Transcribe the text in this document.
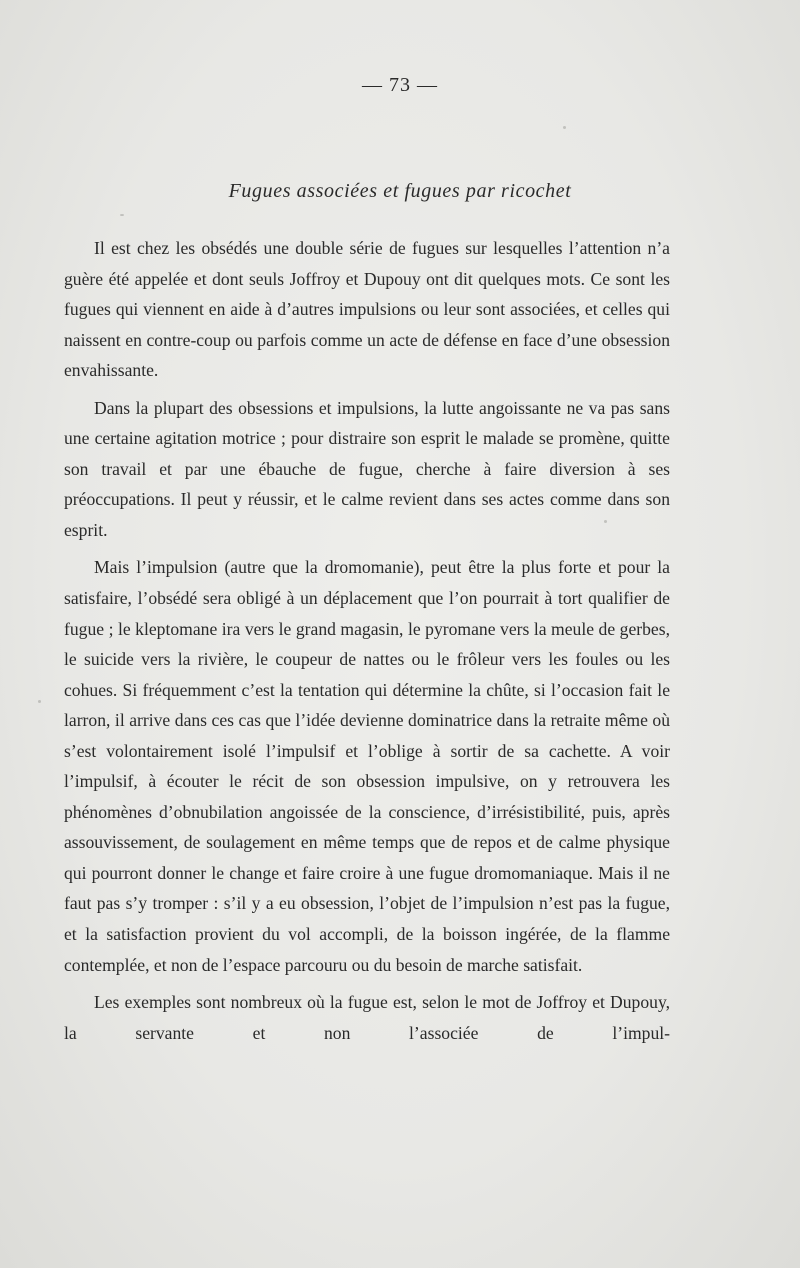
— 73 —
Fugues associées et fugues par ricochet

Il est chez les obsédés une double série de fugues sur lesquelles l’attention n’a guère été appelée et dont seuls Joffroy et Dupouy ont dit quelques mots. Ce sont les fugues qui viennent en aide à d’autres impulsions ou leur sont associées, et celles qui naissent en contre-coup ou parfois comme un acte de défense en face d’une obsession envahissante.

Dans la plupart des obsessions et impulsions, la lutte angoissante ne va pas sans une certaine agitation motrice ; pour distraire son esprit le malade se promène, quitte son travail et par une ébauche de fugue, cherche à faire diversion à ses préoccupations. Il peut y réussir, et le calme revient dans ses actes comme dans son esprit.

Mais l’impulsion (autre que la dromomanie), peut être la plus forte et pour la satisfaire, l’obsédé sera obligé à un déplacement que l’on pourrait à tort qualifier de fugue ; le kleptomane ira vers le grand magasin, le pyromane vers la meule de gerbes, le suicide vers la rivière, le coupeur de nattes ou le frôleur vers les foules ou les cohues. Si fréquemment c’est la tentation qui détermine la chûte, si l’occasion fait le larron, il arrive dans ces cas que l’idée devienne dominatrice dans la retraite même où s’est volontairement isolé l’impulsif et l’oblige à sortir de sa cachette. A voir l’impulsif, à écouter le récit de son obsession impulsive, on y retrouvera les phénomènes d’obnubilation angoissée de la conscience, d’irrésistibilité, puis, après assouvissement, de soulagement en même temps que de repos et de calme physique qui pourront donner le change et faire croire à une fugue dromomaniaque. Mais il ne faut pas s’y tromper : s’il y a eu obsession, l’objet de l’impulsion n’est pas la fugue, et la satisfaction provient du vol accompli, de la boisson ingérée, de la flamme contemplée, et non de l’espace parcouru ou du besoin de marche satisfait.

Les exemples sont nombreux où la fugue est, selon le mot de Joffroy et Dupouy, la servante et non l’associée de l’impul-
